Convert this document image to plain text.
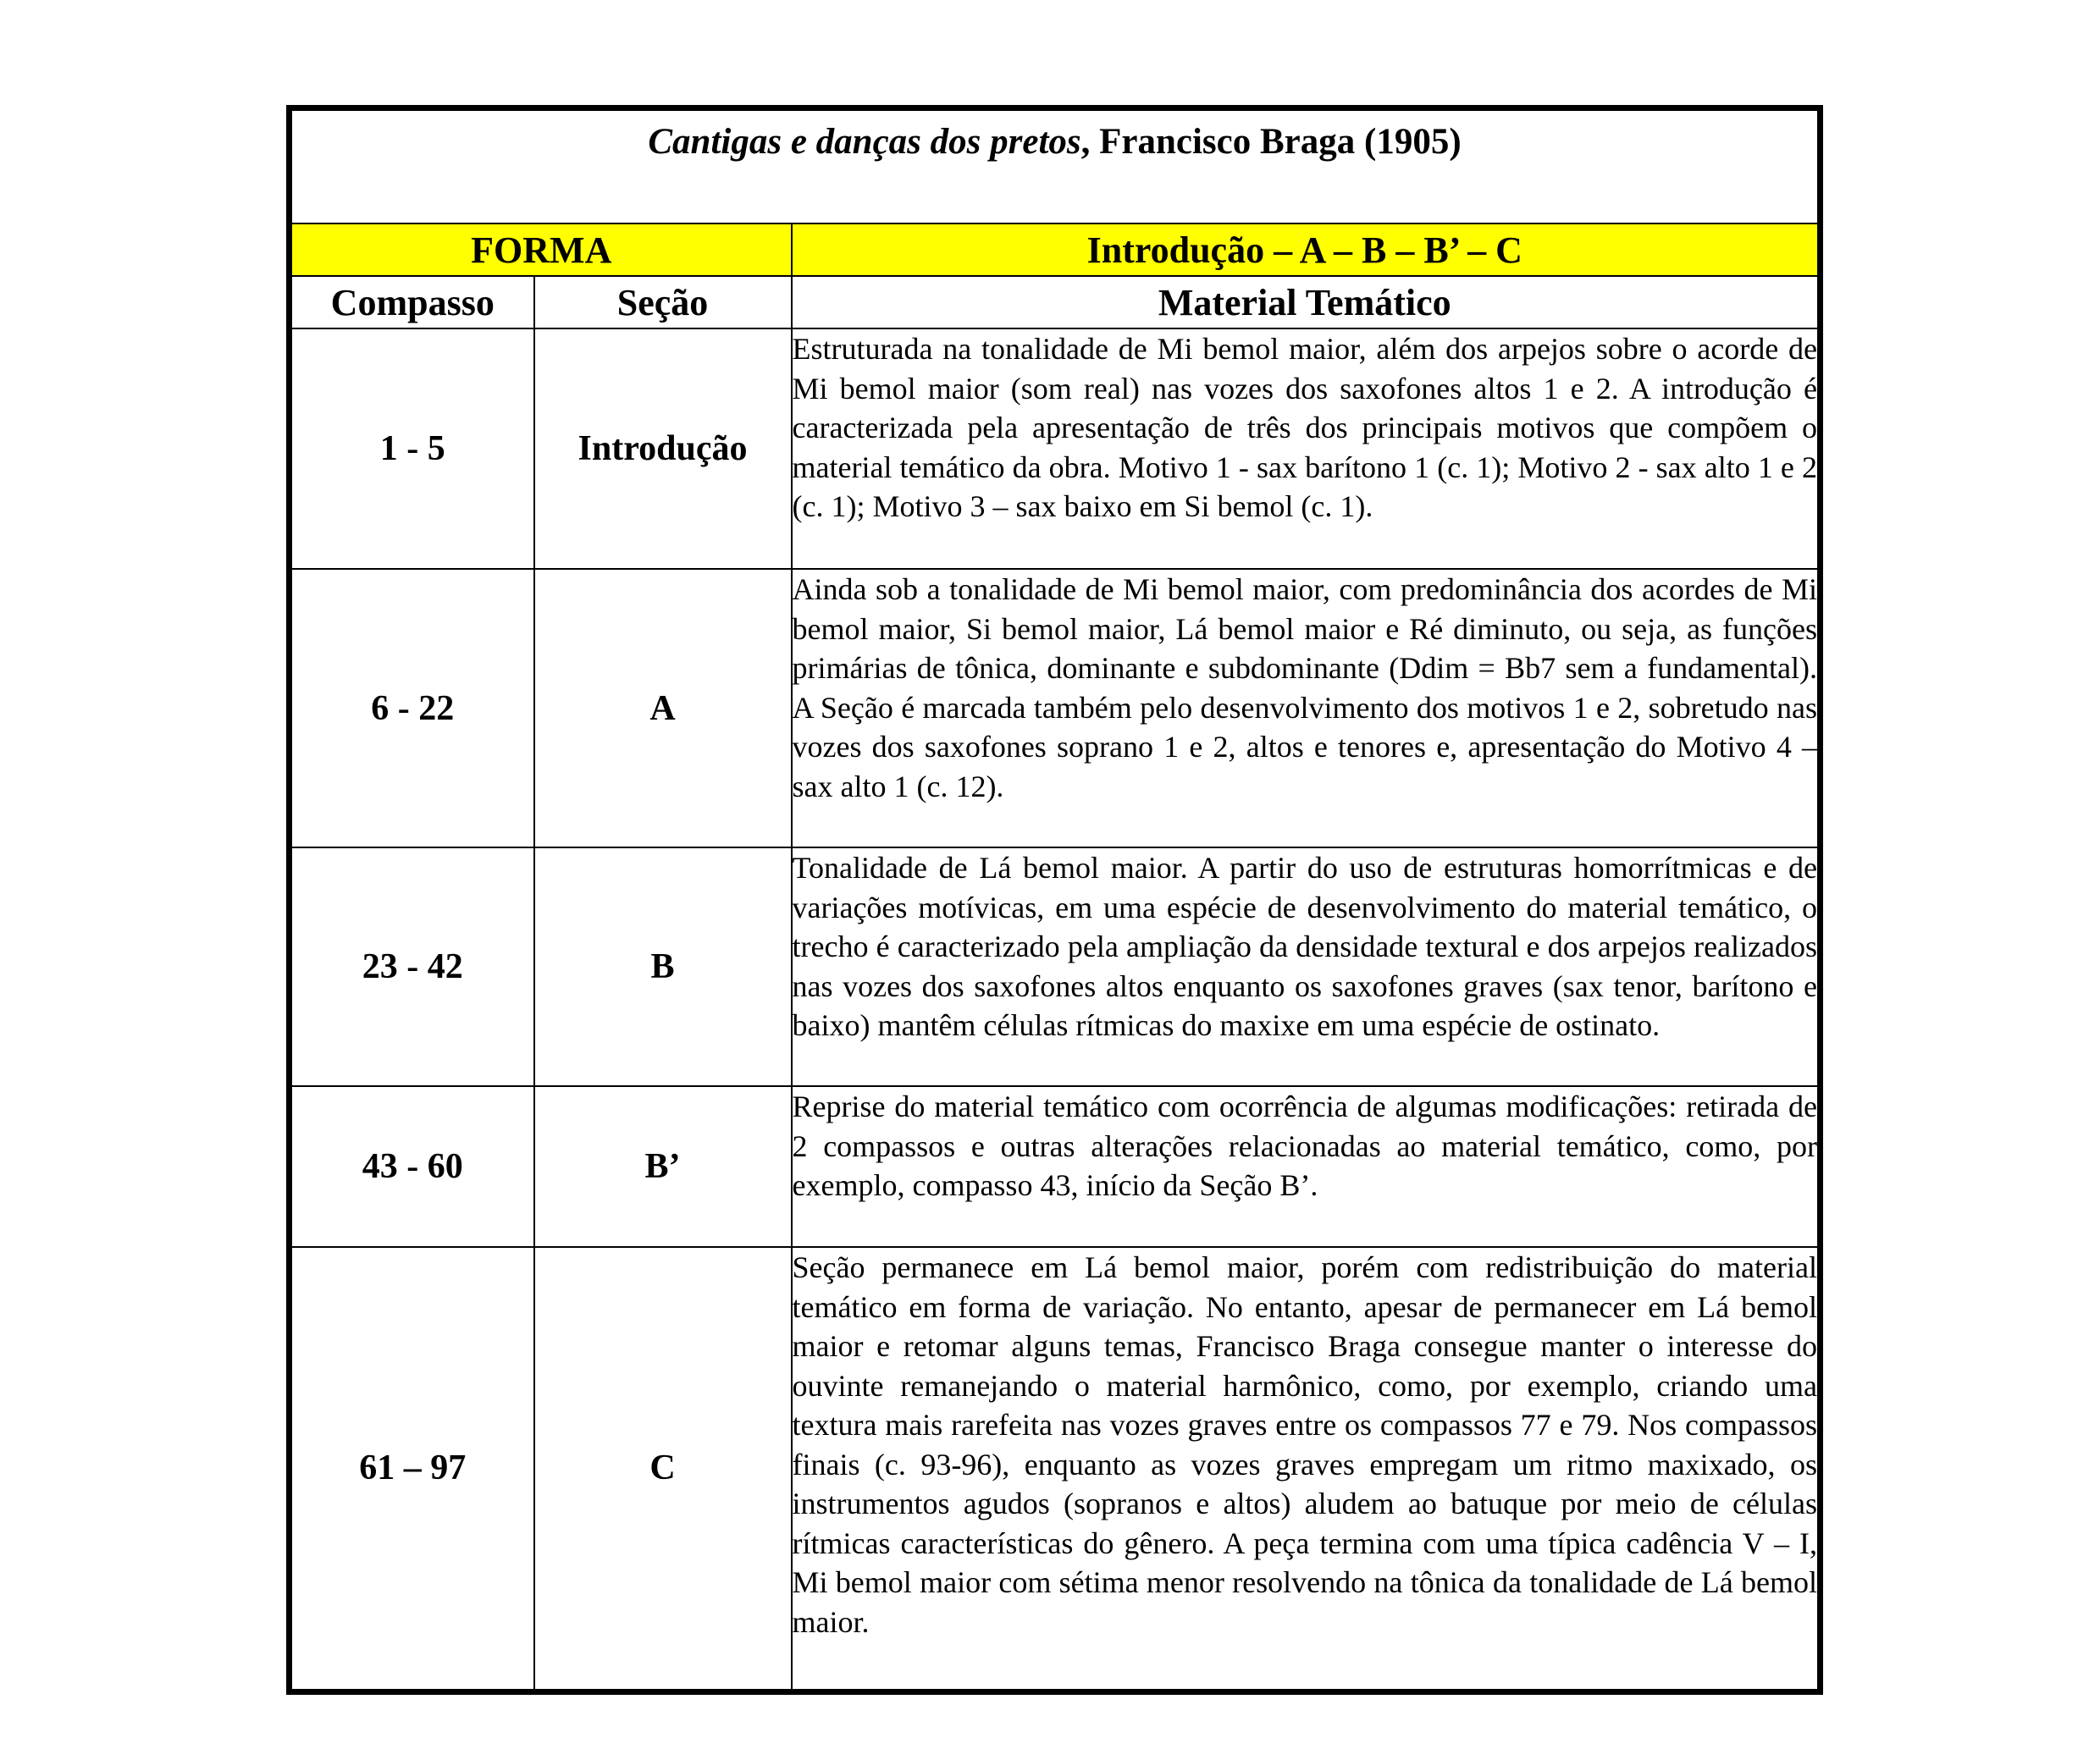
Cantigas e danças dos pretos, Francisco Braga (1905)		
FORMA		Introdução – A – B – B’ – C
Compasso	Seção	Material Temático
1 - 5	Introdução	Estruturada na tonalidade de Mi bemol maior, além dos arpejos sobre o acorde de Mi bemol maior (som real) nas vozes dos saxofones altos 1 e 2. A introdução é caracterizada pela apresentação de três dos principais motivos que compõem o material temático da obra. Motivo 1 - sax barítono 1 (c. 1); Motivo 2 - sax alto 1 e 2 (c. 1); Motivo 3 – sax baixo em Si bemol (c. 1).
6 - 22	A	Ainda sob a tonalidade de Mi bemol maior, com predominância dos acordes de Mi bemol maior, Si bemol maior, Lá bemol maior e Ré diminuto, ou seja, as funções primárias de tônica, dominante e subdominante (Ddim = Bb7 sem a fundamental). A Seção é marcada também pelo desenvolvimento dos motivos 1 e 2, sobretudo nas vozes dos saxofones soprano 1 e 2, altos e tenores e, apresentação do Motivo 4 – sax alto 1 (c. 12).
23 - 42	B	Tonalidade de Lá bemol maior. A partir do uso de estruturas homorrítmicas e de variações motívicas, em uma espécie de desenvolvimento do material temático, o trecho é caracterizado pela ampliação da densidade textural e dos arpejos realizados nas vozes dos saxofones altos enquanto os saxofones graves (sax tenor, barítono e baixo) mantêm células rítmicas do maxixe em uma espécie de ostinato.
43 - 60	B’	Reprise do material temático com ocorrência de algumas modificações: retirada de 2 compassos e outras alterações relacionadas ao material temático, como, por exemplo, compasso 43, início da Seção B’.
61 – 97	C	Seção permanece em Lá bemol maior, porém com redistribuição do material temático em forma de variação. No entanto, apesar de permanecer em Lá bemol maior e retomar alguns temas, Francisco Braga consegue manter o interesse do ouvinte remanejando o material harmônico, como, por exemplo, criando uma textura mais rarefeita nas vozes graves entre os compassos 77 e 79. Nos compassos finais (c. 93-96), enquanto as vozes graves empregam um ritmo maxixado, os instrumentos agudos (sopranos e altos) aludem ao batuque por meio de células rítmicas características do gênero. A peça termina com uma típica cadência V – I, Mi bemol maior com sétima menor resolvendo na tônica da tonalidade de Lá bemol maior.
